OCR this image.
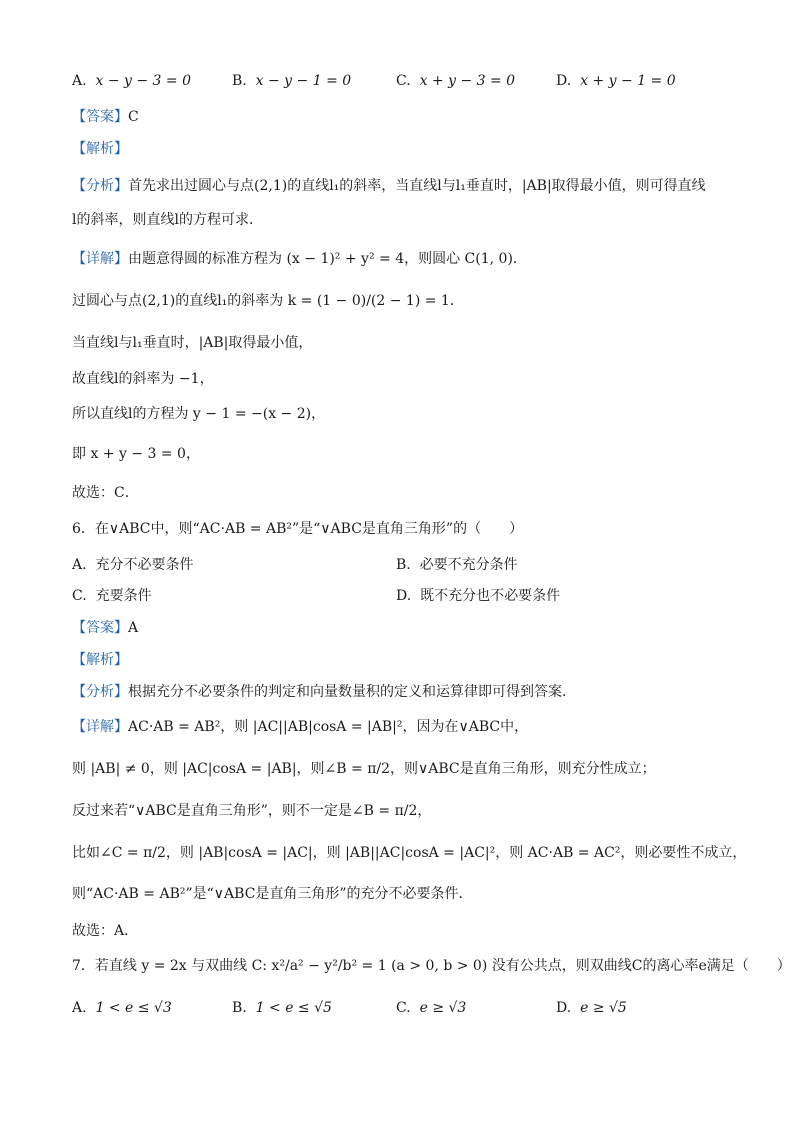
A. x − y − 3 = 0	B. x − y − 1 = 0	C. x + y − 3 = 0	D. x + y − 1 = 0
【答案】C
【解析】
【分析】首先求出过圆心与点(2,1)的直线l₁的斜率，当直线l与l₁垂直时，|AB|取得最小值，则可得直线
l的斜率，则直线l的方程可求．
【详解】由题意得圆的标准方程为 (x − 1)² + y² = 4，则圆心 C(1, 0)．
过圆心与点(2,1)的直线l₁的斜率为 k = (1 − 0)/(2 − 1) = 1．
当直线l与l₁垂直时，|AB|取得最小值，
故直线l的斜率为 −1，
所以直线l的方程为 y − 1 = −(x − 2)，
即 x + y − 3 = 0，
故选：C．
6．在∨ABC中，则“AC·AB = AB²”是“∨ABC是直角三角形”的（　　）
A. 充分不必要条件	B. 必要不充分条件
C. 充要条件	D. 既不充分也不必要条件
【答案】A
【解析】
【分析】根据充分不必要条件的判定和向量数量积的定义和运算律即可得到答案．
【详解】AC·AB = AB²，则 |AC||AB|cosA = |AB|²，因为在∨ABC中，
则 |AB| ≠ 0，则 |AC|cosA = |AB|，则∠B = π/2，则∨ABC是直角三角形，则充分性成立；
反过来若“∨ABC是直角三角形”，则不一定是∠B = π/2，
比如∠C = π/2，则 |AB|cosA = |AC|，则 |AB||AC|cosA = |AC|²，则 AC·AB = AC²，则必要性不成立，
则“AC·AB = AB²”是“∨ABC是直角三角形”的充分不必要条件．
故选：A．
7．若直线 y = 2x 与双曲线 C: x²/a² − y²/b² = 1 (a > 0, b > 0) 没有公共点，则双曲线C的离心率e满足（　　）
A. 1 < e ≤ √3	B. 1 < e ≤ √5	C. e ≥ √3	D. e ≥ √5
